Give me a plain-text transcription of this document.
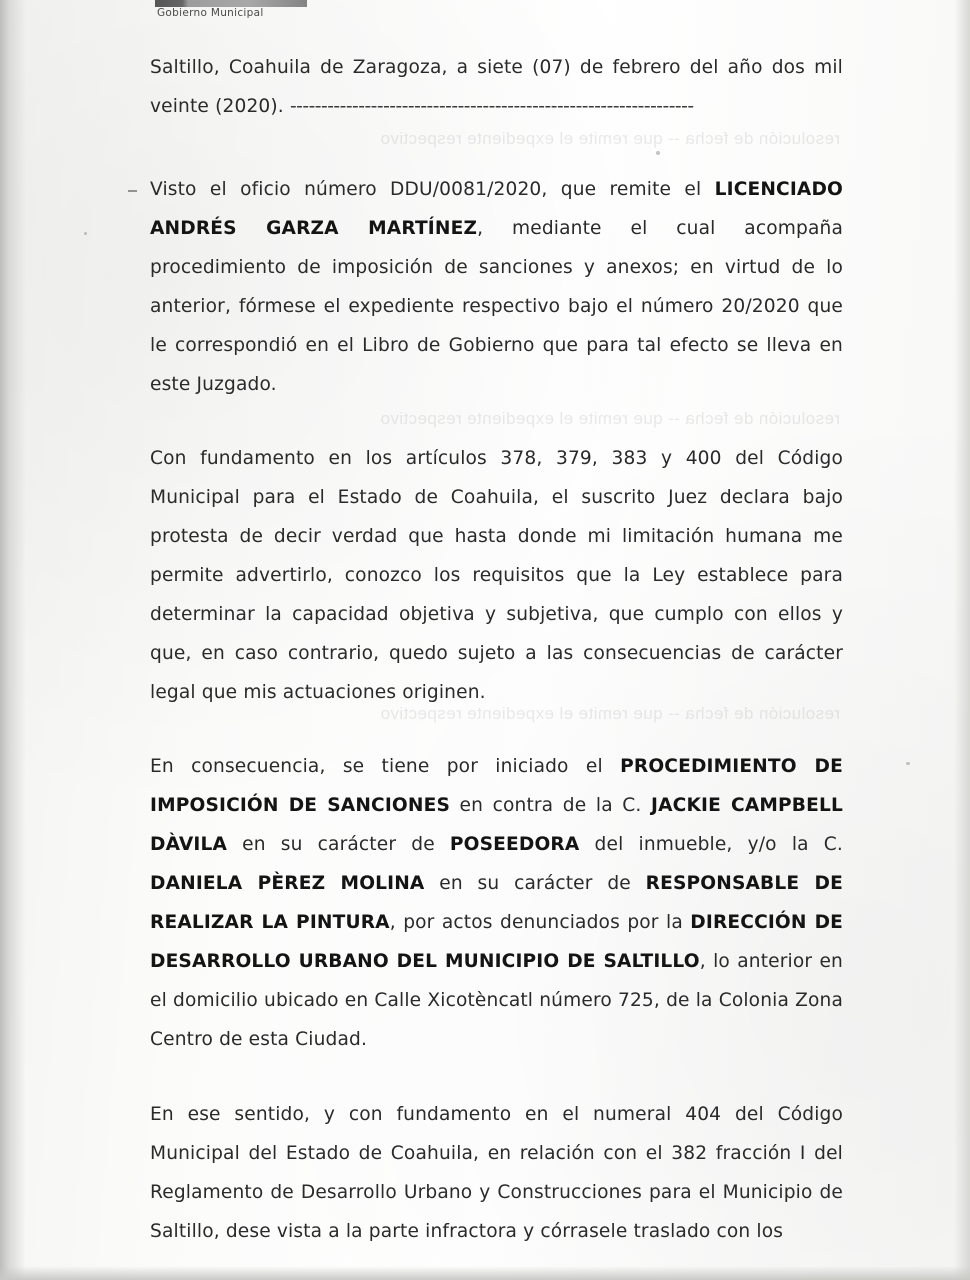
Gobierno Municipal
resolución de fecha -- que remite el expediente respectivo
resolución de fecha -- que remite el expediente respectivo
resolución de fecha -- que remite el expediente respectivo

Saltillo, Coahuila de Zaragoza, a siete (07) de febrero del año dos mil veinte (2020). -----------------------------------------------------------------

Visto el oficio número DDU/0081/2020, que remite el LICENCIADO ANDRÉS GARZA MARTÍNEZ, mediante el cual acompaña procedimiento de imposición de sanciones y anexos; en virtud de lo anterior, fórmese el expediente respectivo bajo el número 20/2020 que le correspondió en el Libro de Gobierno que para tal efecto se lleva en este Juzgado.

Con fundamento en los artículos 378, 379, 383 y 400 del Código Municipal para el Estado de Coahuila, el suscrito Juez declara bajo protesta de decir verdad que hasta donde mi limitación humana me permite advertirlo, conozco los requisitos que la Ley establece para determinar la capacidad objetiva y subjetiva, que cumplo con ellos y que, en caso contrario, quedo sujeto a las consecuencias de carácter legal que mis actuaciones originen.

En consecuencia, se tiene por iniciado el PROCEDIMIENTO DE IMPOSICIÓN DE SANCIONES en contra de la C. JACKIE CAMPBELL DÀVILA en su carácter de POSEEDORA del inmueble, y/o la C. DANIELA PÈREZ MOLINA en su carácter de RESPONSABLE DE REALIZAR LA PINTURA, por actos denunciados por la DIRECCIÓN DE DESARROLLO URBANO DEL MUNICIPIO DE SALTILLO, lo anterior en el domicilio ubicado en Calle Xicotèncatl número 725, de la Colonia Zona Centro de esta Ciudad.

En ese sentido, y con fundamento en el numeral 404 del Código Municipal del Estado de Coahuila, en relación con el 382 fracción I del Reglamento de Desarrollo Urbano y Construcciones para el Municipio de Saltillo, dese vista a la parte infractora y córrasele traslado con los
